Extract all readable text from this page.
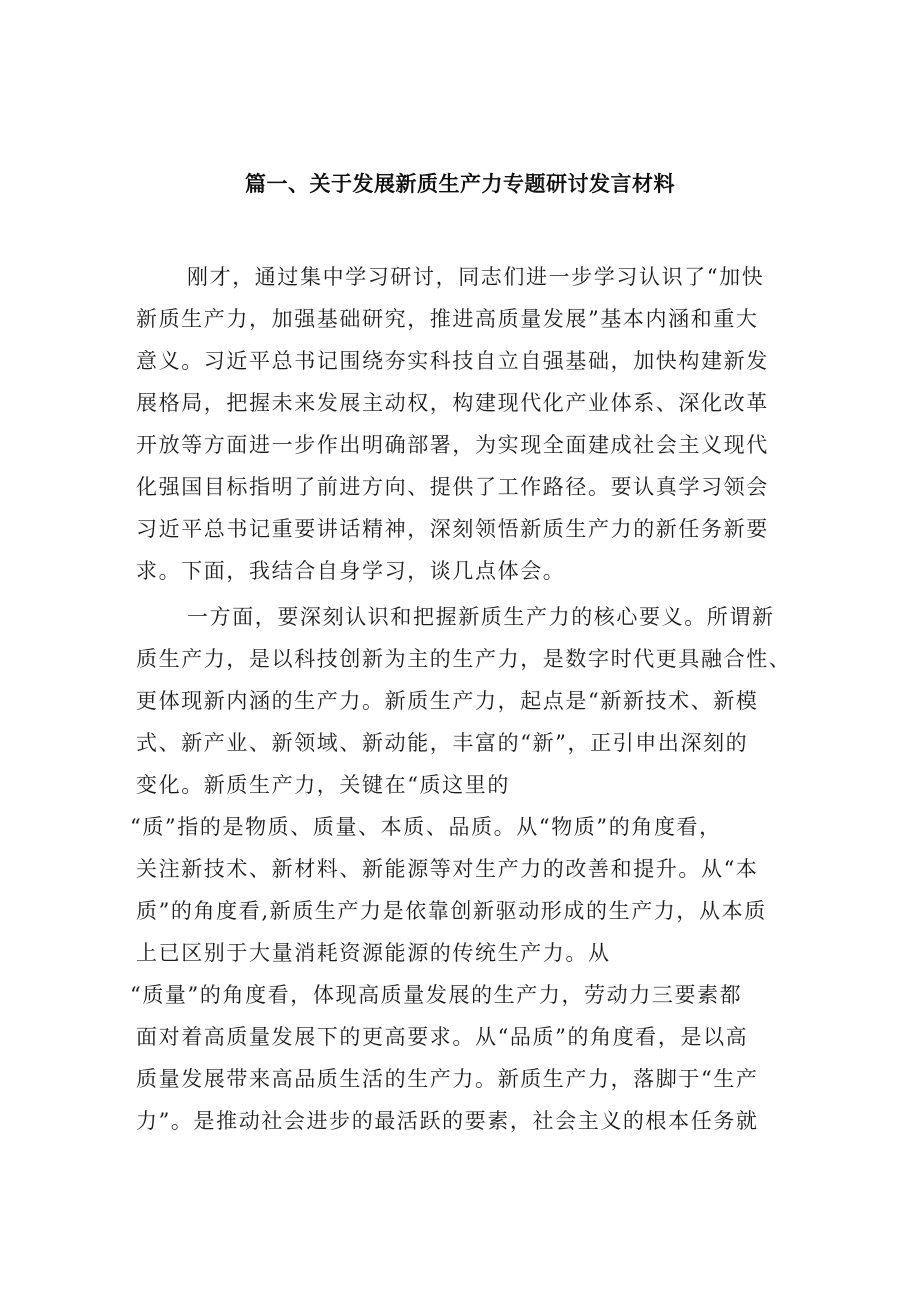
篇一、关于发展新质生产力专题研讨发言材料
刚才，通过集中学习研讨，同志们进一步学习认识了“加快
新质生产力，加强基础研究，推进高质量发展”基本内涵和重大
意义。习近平总书记围绕夯实科技自立自强基础，加快构建新发
展格局，把握未来发展主动权，构建现代化产业体系、深化改革
开放等方面进一步作出明确部署，为实现全面建成社会主义现代
化强国目标指明了前进方向、提供了工作路径。要认真学习领会
习近平总书记重要讲话精神，深刻领悟新质生产力的新任务新要
求。下面，我结合自身学习，谈几点体会。
一方面，要深刻认识和把握新质生产力的核心要义。所谓新
质生产力，是以科技创新为主的生产力，是数字时代更具融合性、
更体现新内涵的生产力。新质生产力，起点是“新新技术、新模
式、新产业、新领域、新动能，丰富的“新”，正引申出深刻的
变化。新质生产力，关键在“质这里的
“质”指的是物质、质量、本质、品质。从“物质”的角度看，
关注新技术、新材料、新能源等对生产力的改善和提升。从“本
质”的角度看,新质生产力是依靠创新驱动形成的生产力，从本质
上已区别于大量消耗资源能源的传统生产力。从
“质量”的角度看，体现高质量发展的生产力，劳动力三要素都
面对着高质量发展下的更高要求。从“品质”的角度看，是以高
质量发展带来高品质生活的生产力。新质生产力，落脚于“生产
力”。是推动社会进步的最活跃的要素，社会主义的根本任务就
